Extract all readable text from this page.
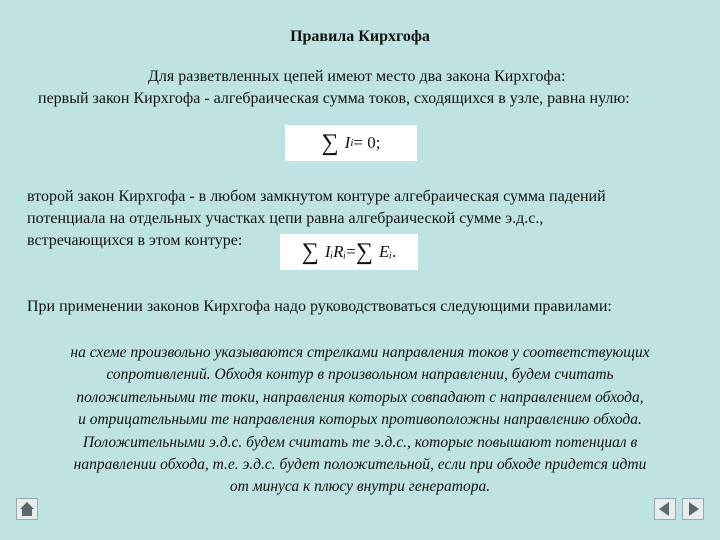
Правила Кирхгофа
Для разветвленных цепей имеют место два закона Кирхгофа:
первый закон Кирхгофа - алгебраическая сумма токов, сходящихся в узле, равна нулю:
∑ I i = 0;
второй закон Кирхгофа - в любом замкнутом контуре алгебраическая сумма падений
потенциала на отдельных участках цепи равна алгебраической сумме э.д.с.,
встречающихся в этом контуре: ∑ IᵢRᵢ = ∑ Eᵢ .
При применении законов Кирхгофа надо руководствоваться следующими правилами:
на схеме произвольно указываются стрелками направления токов у соответствующих
сопротивлений. Обходя контур в произвольном направлении, будем считать
положительными те токи, направления которых совпадают с направлением обхода,
и отрицательными те направления которых противоположны направлению обхода.
Положительными э.д.с. будем считать те э.д.с., которые повышают потенциал в
направлении обхода, т.е. э.д.с. будет положительной, если при обходе придется идти
от минуса к плюсу внутри генератора.
